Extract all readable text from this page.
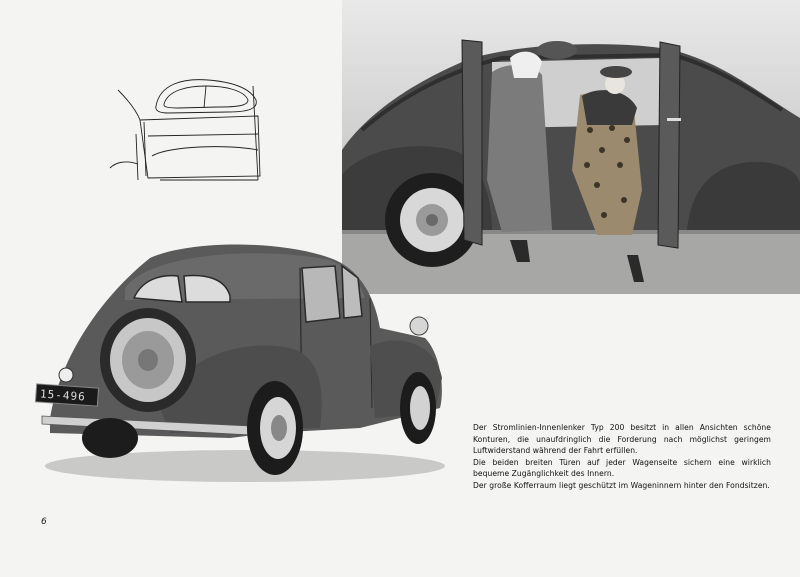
15-496

Der Stromlinien-Innenlenker Typ 200 besitzt in allen Ansichten schöne Konturen, die unaufdringlich die Forderung nach möglichst geringem Luftwiderstand während der Fahrt erfüllen.

Die beiden breiten Türen auf jeder Wagenseite sichern eine wirklich bequeme Zugänglichkeit des Innern.

Der große Kofferraum liegt geschützt im Wageninnern hinter den Fondsitzen.

6
